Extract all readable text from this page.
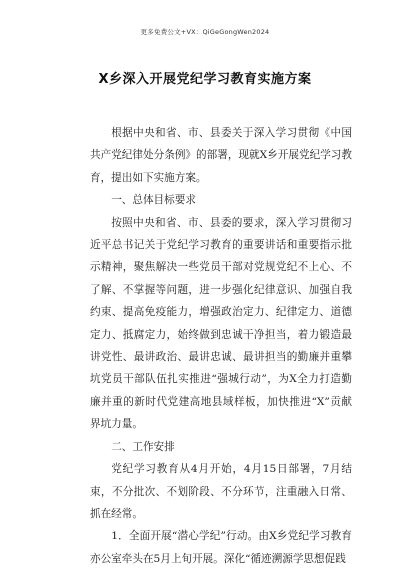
更多免费公文+VX：QiGeGongWen2024
X乡深入开展党纪学习教育实施方案

根据中央和省、市、县委关于深入学习贯彻《中国共产党纪律处分条例》的部署，现就X乡开展党纪学习教育，提出如下实施方案。

一、总体目标要求

按照中央和省、市、县委的要求，深入学习贯彻习近平总书记关于党纪学习教育的重要讲话和重要指示批示精神，聚焦解决一些党员干部对党规党纪不上心、不了解、不掌握等问题，进一步强化纪律意识、加强自我约束、提高免疫能力，增强政治定力、纪律定力、道德定力、抵腐定力，始终做到忠诚干净担当，着力锻造最讲党性、最讲政治、最讲忠诚、最讲担当的勤廉并重攀坑党员干部队伍扎实推进“强城行动”，为X全力打造勤廉并重的新时代党建高地县域样板，加快推进“X”贡献界坑力量。

二、工作安排

党纪学习教育从4月开始，4月15日部署，7月结束，不分批次、不划阶段、不分环节，注重融入日常、抓在经常。

1．全面开展“潜心学纪”行动。由X乡党纪学习教育亦公室牵头在5月上旬开展。深化“循迹溯源学思想促践
